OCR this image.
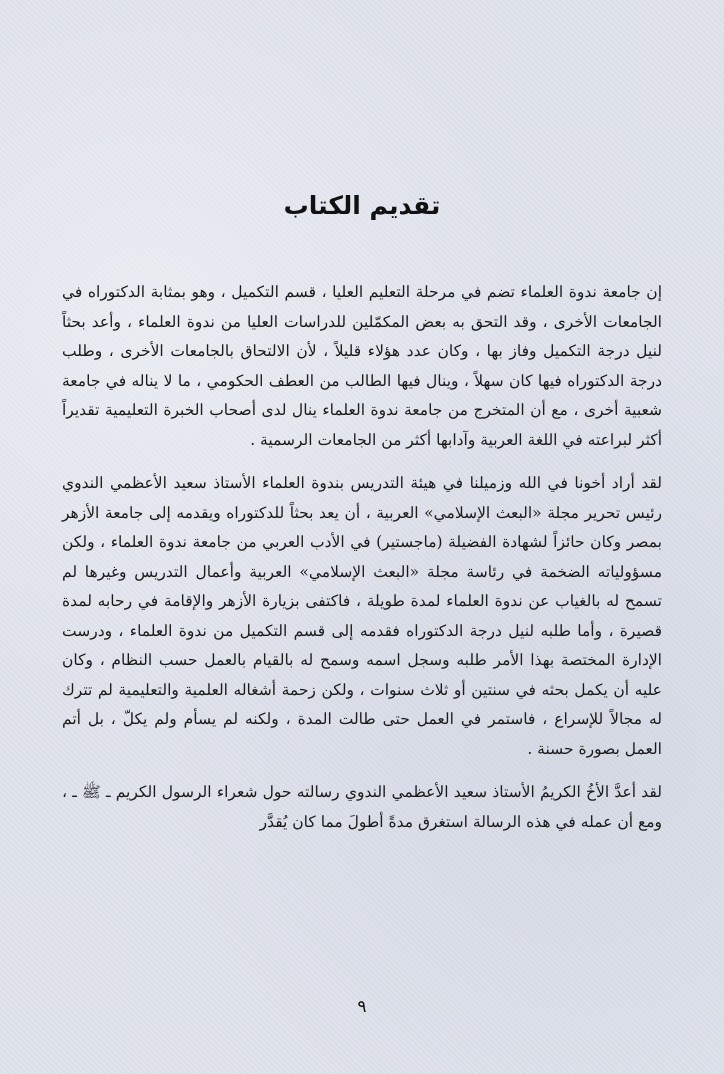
تقديم الكتاب

إن جامعة ندوة العلماء تضم في مرحلة التعليم العليا ، قسم التكميل ، وهو بمثابة الدكتوراه في الجامعات الأخرى ، وقد التحق به بعض المكمّلين للدراسات العليا من ندوة العلماء ، وأعد بحثاً لنيل درجة التكميل وفاز بها ، وكان عدد هؤلاء قليلاً ، لأن الالتحاق بالجامعات الأخرى ، وطلب درجة الدكتوراه فيها كان سهلاً ، وينال فيها الطالب من العطف الحكومي ، ما لا يناله في جامعة شعبية أخرى ، مع أن المتخرج من جامعة ندوة العلماء ينال لدى أصحاب الخبرة التعليمية تقديراً أكثر لبراعته في اللغة العربية وآدابها أكثر من الجامعات الرسمية .

لقد أراد أخونا في الله وزميلنا في هيئة التدريس بندوة العلماء الأستاذ سعيد الأعظمي الندوي رئيس تحرير مجلة «البعث الإسلامي» العربية ، أن يعد بحثاً للدكتوراه ويقدمه إلى جامعة الأزهر بمصر وكان حائزاً لشهادة الفضيلة (ماجستير) في الأدب العربي من جامعة ندوة العلماء ، ولكن مسؤولياته الضخمة في رئاسة مجلة «البعث الإسلامي» العربية وأعمال التدريس وغيرها لم تسمح له بالغياب عن ندوة العلماء لمدة طويلة ، فاكتفى بزيارة الأزهر والإقامة في رحابه لمدة قصيرة ، وأما طلبه لنيل درجة الدكتوراه فقدمه إلى قسم التكميل من ندوة العلماء ، ودرست الإدارة المختصة بهذا الأمر طلبه وسجل اسمه وسمح له بالقيام بالعمل حسب النظام ، وكان عليه أن يكمل بحثه في سنتين أو ثلاث سنوات ، ولكن زحمة أشغاله العلمية والتعليمية لم تترك له مجالاً للإسراع ، فاستمر في العمل حتى طالت المدة ، ولكنه لم يسأم ولم يكلّ ، بل أتم العمل بصورة حسنة .

لقد أعدَّ الأخُ الكريمُ الأستاذ سعيد الأعظمي الندوي رسالته حول شعراء الرسول الكريم ـ ﷺ ـ ، ومع أن عمله في هذه الرسالة استغرق مدةً أطولَ مما كان يُقدَّر

٩
